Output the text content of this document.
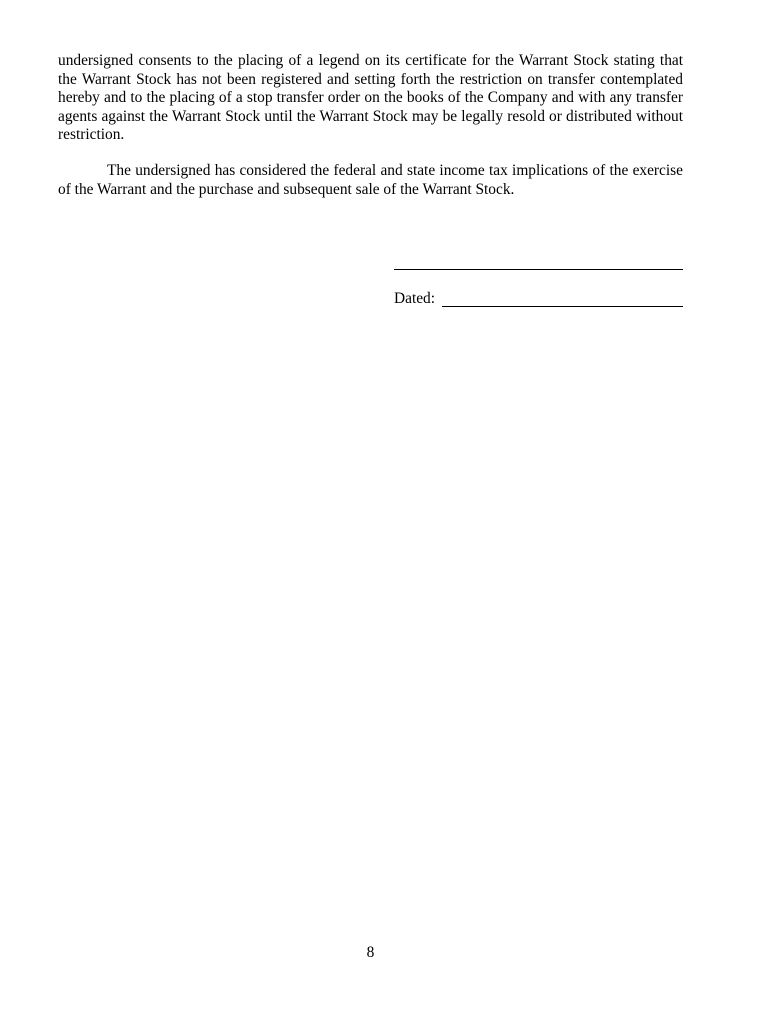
undersigned consents to the placing of a legend on its certificate for the Warrant Stock stating that the Warrant Stock has not been registered and setting forth the restriction on transfer contemplated hereby and to the placing of a stop transfer order on the books of the Company and with any transfer agents against the Warrant Stock until the Warrant Stock may be legally resold or distributed without restriction.

The undersigned has considered the federal and state income tax implications of the exercise of the Warrant and the purchase and subsequent sale of the Warrant Stock.

Dated:
8
